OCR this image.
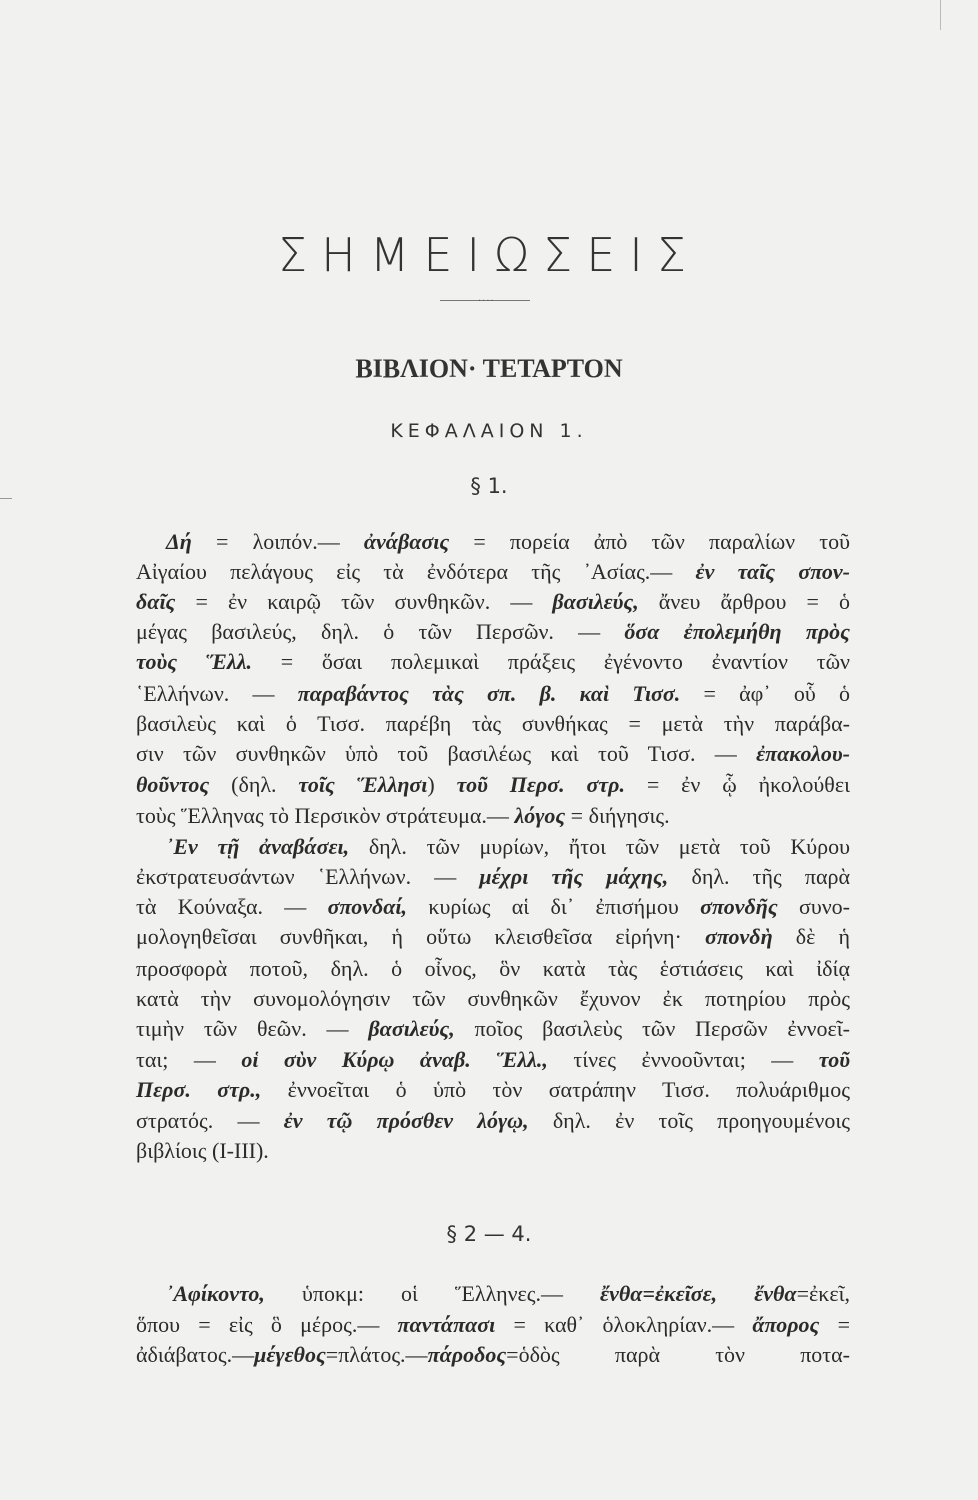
ΣΗΜΕΙΩΣΕΙΣ
....
ΒΙΒΛΙΟΝ· ΤΕΤΑΡΤΟΝ
ΚΕΦΑΛΑΙΟΝ 1.
§ 1.
§ 2 — 4.
Δή = λοιπόν.— ἀνάβασις = πορεία ἀπὸ τῶν παραλίων τοῦ
Αἰγαίου πελάγους εἰς τὰ ἐνδότερα τῆς ᾿Ασίας.— ἐν ταῖς σπον-
δαῖς = ἐν καιρῷ τῶν συνθηκῶν. — βασιλεύς, ἄνευ ἄρθρου = ὁ
μέγας βασιλεύς, δηλ. ὁ τῶν Περσῶν. — ὅσα ἐπολεμήθη πρὸς
τοὺς Ἕλλ. = ὅσαι πολεμικαὶ πράξεις ἐγένοντο ἐναντίον τῶν
῾Ελλήνων. — παραβάντος τὰς σπ. β. καὶ Τισσ. = ἀφ᾿ οὗ ὁ
βασιλεὺς καὶ ὁ Τισσ. παρέβη τὰς συνθήκας = μετὰ τὴν παράβα-
σιν τῶν συνθηκῶν ὑπὸ τοῦ βασιλέως καὶ τοῦ Τισσ. — ἐπακολου-
θοῦντος (δηλ. τοῖς Ἕλλησι) τοῦ Περσ. στρ. = ἐν ᾧ ἠκολούθει
τοὺς Ἕλληνας τὸ Περσικὸν στράτευμα.— λόγος = διήγησις.
᾿Εν τῇ ἀναβάσει, δηλ. τῶν μυρίων, ἤτοι τῶν μετὰ τοῦ Κύρου
ἐκστρατευσάντων ῾Ελλήνων. — μέχρι τῆς μάχης, δηλ. τῆς παρὰ
τὰ Κούναξα. — σπονδαί, κυρίως αἱ δι᾿ ἐπισήμου σπονδῆς συνο-
μολογηθεῖσαι συνθῆκαι, ἡ οὕτω κλεισθεῖσα εἰρήνη· σπονδὴ δὲ ἡ
προσφορὰ ποτοῦ, δηλ. ὁ οἶνος, ὃν κατὰ τὰς ἑστιάσεις καὶ ἰδίᾳ
κατὰ τὴν συνομολόγησιν τῶν συνθηκῶν ἔχυνον ἐκ ποτηρίου πρὸς
τιμὴν τῶν θεῶν. — βασιλεύς, ποῖος βασιλεὺς τῶν Περσῶν ἐννοεῖ-
ται; — οἱ σὺν Κύρῳ ἀναβ. Ἕλλ., τίνες ἐννοοῦνται; — τοῦ
Περσ. στρ., ἐννοεῖται ὁ ὑπὸ τὸν σατράπην Τισσ. πολυάριθμος
στρατός. — ἐν τῷ πρόσθεν λόγῳ, δηλ. ἐν τοῖς προηγουμένοις
βιβλίοις (I-III).
᾿Αφίκοντο, ὑποκμ: οἱ Ἕλληνες.— ἔνθα=ἐκεῖσε, ἔνθα=ἐκεῖ,
ὅπου = εἰς ὃ μέρος.— παντάπασι = καθ᾿ ὁλοκληρίαν.— ἄπορος =
ἀδιάβατος.—μέγεθος=πλάτος.—πάροδος=ὁδὸς παρὰ τὸν ποτα-
